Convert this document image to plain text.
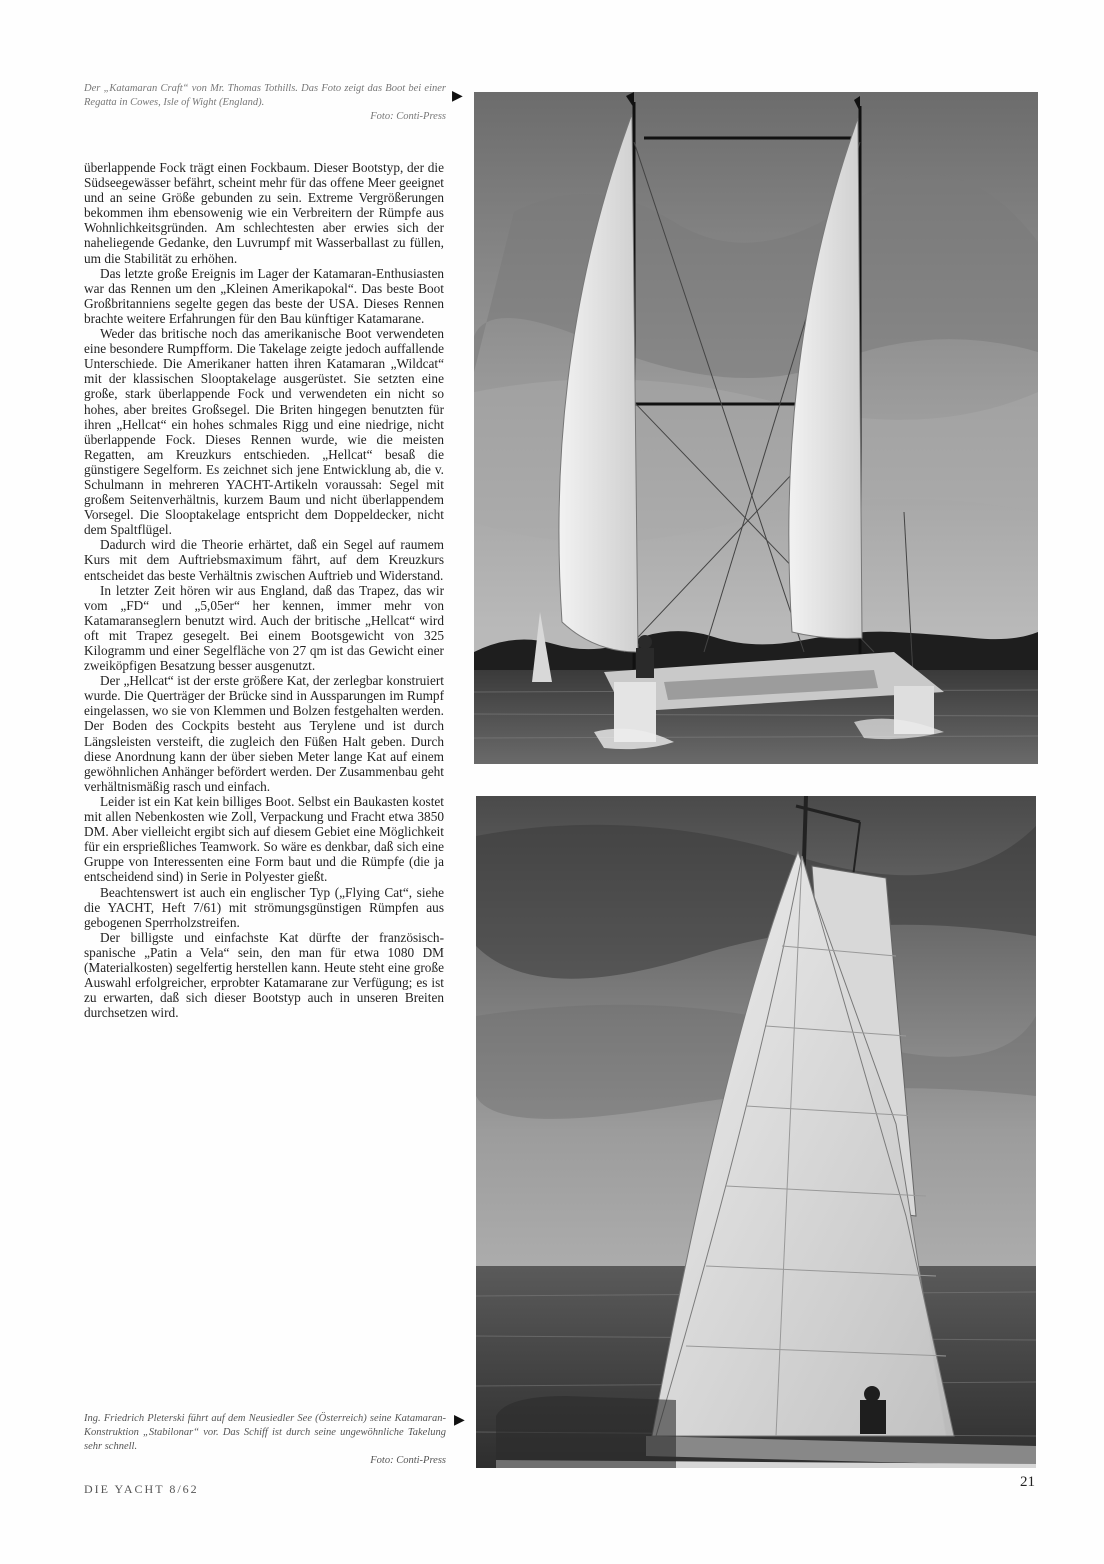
Der „Katamaran Craft“ von Mr. Thomas Tothills. Das Foto zeigt das Boot bei einer Regatta in Cowes, Isle of Wight (England).
Foto: Conti-Press
▶

überlappende Fock trägt einen Fockbaum. Dieser Bootstyp, der die Südseegewässer befährt, scheint mehr für das offene Meer geeignet und an seine Größe gebunden zu sein. Extreme Vergrößerungen bekommen ihm ebensowenig wie ein Verbreitern der Rümpfe aus Wohnlichkeitsgründen. Am schlechtesten aber erwies sich der naheliegende Gedanke, den Luvrumpf mit Wasserballast zu füllen, um die Stabilität zu erhöhen.

Das letzte große Ereignis im Lager der Katamaran-Enthusiasten war das Rennen um den „Kleinen Amerikapokal“. Das beste Boot Großbritanniens segelte gegen das beste der USA. Dieses Rennen brachte weitere Erfahrungen für den Bau künftiger Katamarane.

Weder das britische noch das amerikanische Boot verwendeten eine besondere Rumpfform. Die Takelage zeigte jedoch auffallende Unterschiede. Die Amerikaner hatten ihren Katamaran „Wildcat“ mit der klassischen Slooptakelage ausgerüstet. Sie setzten eine große, stark überlappende Fock und verwendeten ein nicht so hohes, aber breites Großsegel. Die Briten hingegen benutzten für ihren „Hellcat“ ein hohes schmales Rigg und eine niedrige, nicht überlappende Fock. Dieses Rennen wurde, wie die meisten Regatten, am Kreuzkurs entschieden. „Hellcat“ besaß die günstigere Segelform. Es zeichnet sich jene Entwicklung ab, die v. Schulmann in mehreren YACHT-Artikeln voraussah: Segel mit großem Seitenverhältnis, kurzem Baum und nicht überlappendem Vorsegel. Die Slooptakelage entspricht dem Doppeldecker, nicht dem Spaltflügel.

Dadurch wird die Theorie erhärtet, daß ein Segel auf raumem Kurs mit dem Auftriebsmaximum fährt, auf dem Kreuzkurs entscheidet das beste Verhältnis zwischen Auftrieb und Widerstand.

In letzter Zeit hören wir aus England, daß das Trapez, das wir vom „FD“ und „5,05er“ her kennen, immer mehr von Katamaranseglern benutzt wird. Auch der britische „Hellcat“ wird oft mit Trapez gesegelt. Bei einem Bootsgewicht von 325 Kilogramm und einer Segelfläche von 27 qm ist das Gewicht einer zweiköpfigen Besatzung besser ausgenutzt.

Der „Hellcat“ ist der erste größere Kat, der zerlegbar konstruiert wurde. Die Querträger der Brücke sind in Aussparungen im Rumpf eingelassen, wo sie von Klemmen und Bolzen festgehalten werden. Der Boden des Cockpits besteht aus Terylene und ist durch Längsleisten versteift, die zugleich den Füßen Halt geben. Durch diese Anordnung kann der über sieben Meter lange Kat auf einem gewöhnlichen Anhänger befördert werden. Der Zusammenbau geht verhältnismäßig rasch und einfach.

Leider ist ein Kat kein billiges Boot. Selbst ein Baukasten kostet mit allen Nebenkosten wie Zoll, Verpackung und Fracht etwa 3850 DM. Aber vielleicht ergibt sich auf diesem Gebiet eine Möglichkeit für ein ersprießliches Teamwork. So wäre es denkbar, daß sich eine Gruppe von Interessenten eine Form baut und die Rümpfe (die ja entscheidend sind) in Serie in Polyester gießt.

Beachtenswert ist auch ein englischer Typ („Flying Cat“, siehe die YACHT, Heft 7/61) mit strömungsgünstigen Rümpfen aus gebogenen Sperrholzstreifen.

Der billigste und einfachste Kat dürfte der französisch-spanische „Patin a Vela“ sein, den man für etwa 1080 DM (Materialkosten) segelfertig herstellen kann. Heute steht eine große Auswahl erfolgreicher, erprobter Katamarane zur Verfügung; es ist zu erwarten, daß sich dieser Bootstyp auch in unseren Breiten durchsetzen wird.

Ing. Friedrich Pleterski führt auf dem Neusiedler See (Österreich) seine Katamaran-Konstruktion „Stabilonar“ vor. Das Schiff ist durch seine ungewöhnliche Takelung sehr schnell.
Foto: Conti-Press
▶
DIE YACHT 8/62	21
